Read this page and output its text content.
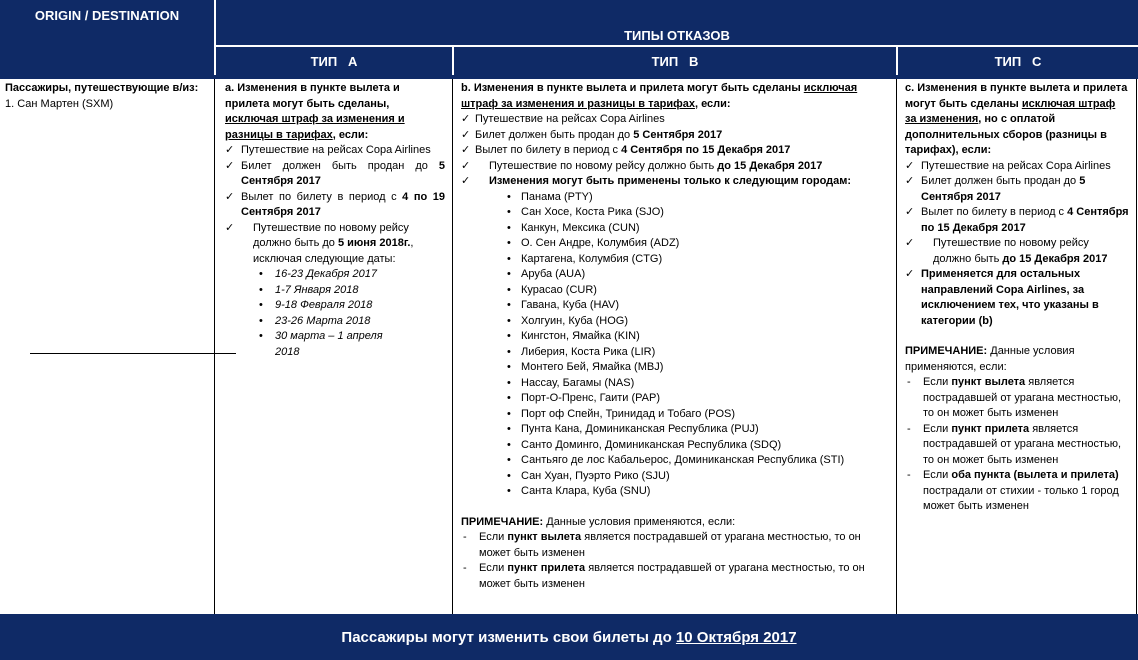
ORIGIN / DESTINATION
ТИПЫ ОТКАЗОВ
ТИП   А	ТИП   В	ТИП   С

Пассажиры, путешествующие в/из:

1. Сан Мартен (SXM)

a. Изменения в пункте вылета и прилета могут быть сделаны, исключая штраф за изменения и разницы в тарифах, если:

✓ Путешествие на рейсах Copa Airlines
✓ Билет должен быть продан до 5 Сентября 2017
✓ Вылет по билету в период с 4 по 19 Сентября 2017
✓ Путешествие по новому рейсу должно быть до 5 июня 2018г., исключая следующие даты:
• 16-23 Декабря 2017
• 1-7 Января 2018
• 9-18 Февраля 2018
• 23-26 Марта 2018
• 30 марта – 1 апреля 2018

b. Изменения в пункте вылета и прилета могут быть сделаны исключая штраф за изменения и разницы в тарифах, если:

✓ Путешествие на рейсах Copa Airlines
✓ Билет должен быть продан до 5 Сентября 2017
✓ Вылет по билету в период с 4 Сентября по 15 Декабря 2017
✓ Путешествие по новому рейсу должно быть до 15 Декабря 2017
✓ Изменения могут быть применены только к следующим городам:
• Панама (PTY)
• Сан Хосе, Коста Рика (SJO)
• Канкун, Мексика (CUN)
• О. Сен Андре, Колумбия (ADZ)
• Картагена, Колумбия (CTG)
• Аруба (AUA)
• Курасао (CUR)
• Гавана, Куба (HAV)
• Холгуин, Куба (HOG)
• Кингстон, Ямайка (KIN)
• Либерия, Коста Рика (LIR)
• Монтего Бей, Ямайка (MBJ)
• Нассау, Багамы (NAS)
• Порт-О-Пренс, Гаити (PAP)
• Порт оф Спейн, Тринидад и Тобаго (POS)
• Пунта Кана, Доминиканская Республика (PUJ)
• Санто Доминго, Доминиканская Республика (SDQ)
• Сантьяго де лос Кабальерос, Доминиканская Республика (STI)
• Сан Хуан, Пуэрто Рико (SJU)
• Санта Клара, Куба (SNU)

ПРИМЕЧАНИЕ: Данные условия применяются, если:

- Если пункт вылета является пострадавшей от урагана местностью, то он может быть изменен
- Если пункт прилета является пострадавшей от урагана местностью, то он может быть изменен

c. Изменения в пункте вылета и прилета могут быть сделаны исключая штраф за изменения, но с оплатой дополнительных сборов (разницы в тарифах), если:

✓ Путешествие на рейсах Copa Airlines
✓ Билет должен быть продан до 5 Сентября 2017
✓ Вылет по билету в период с 4 Сентября по 15 Декабря 2017
✓ Путешествие по новому рейсу должно быть до 15 Декабря 2017
✓ Применяется для остальных направлений Copa Airlines, за исключением тех, что указаны в категории (b)

ПРИМЕЧАНИЕ: Данные условия применяются, если:

- Если пункт вылета является пострадавшей от урагана местностью, то он может быть изменен
- Если пункт прилета является пострадавшей от урагана местностью, то он может быть изменен
- Если оба пункта (вылета и прилета) пострадали от стихии - только 1 город может быть изменен
Пассажиры могут изменить свои билеты до 10 Октября 2017
